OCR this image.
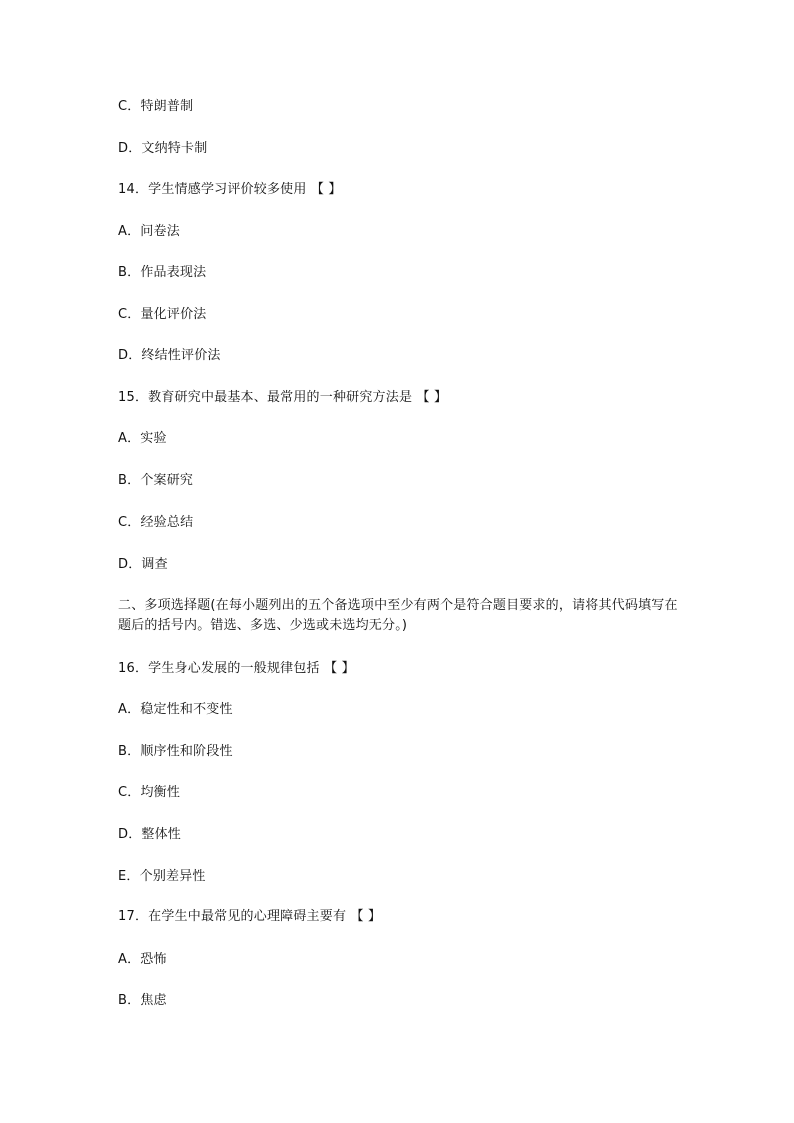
C．特朗普制
D．文纳特卡制
14．学生情感学习评价较多使用 【 】
A．问卷法
B．作品表现法
C．量化评价法
D．终结性评价法
15．教育研究中最基本、最常用的一种研究方法是 【 】
A．实验
B．个案研究
C．经验总结
D．调查
二、多项选择题(在每小题列出的五个备选项中至少有两个是符合题目要求的，请将其代码填写在题后的括号内。错选、多选、少选或未选均无分。)
16．学生身心发展的一般规律包括 【 】
A．稳定性和不变性
B．顺序性和阶段性
C．均衡性
D．整体性
E．个别差异性
17．在学生中最常见的心理障碍主要有 【 】
A．恐怖
B．焦虑
